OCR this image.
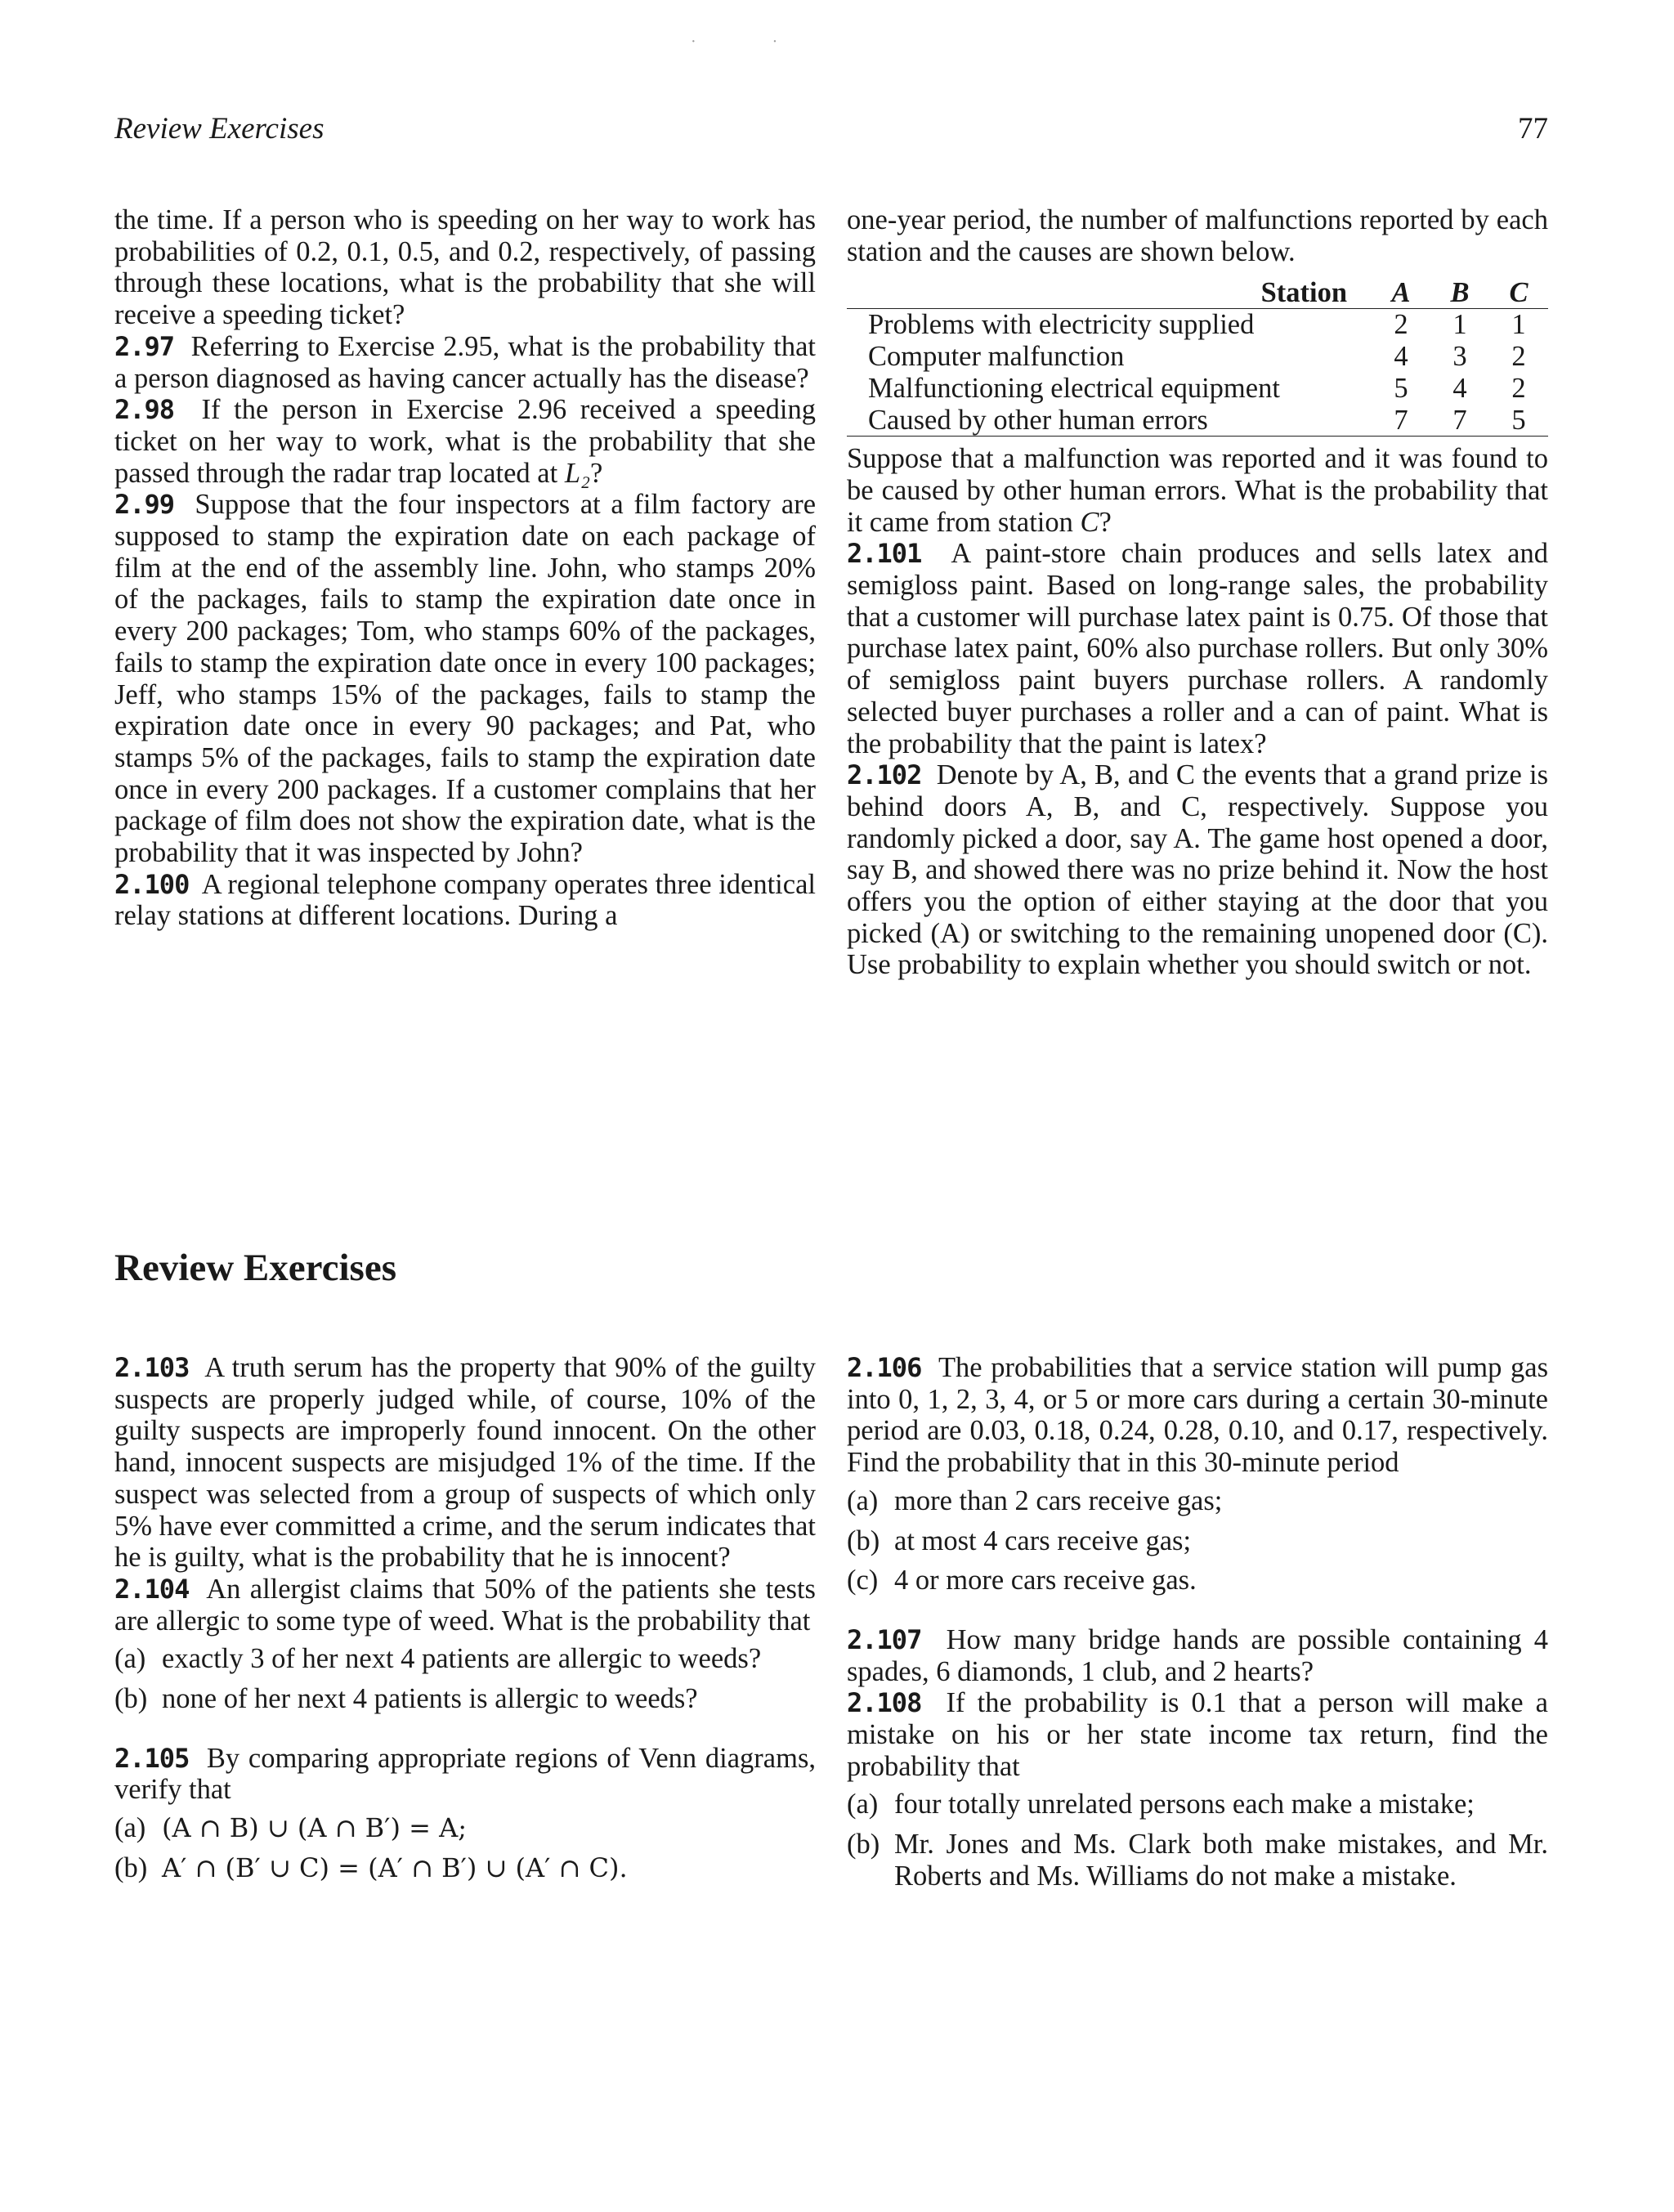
· ·
Review Exercises	77

the time. If a person who is speeding on her way to work has probabilities of 0.2, 0.1, 0.5, and 0.2, respectively, of passing through these locations, what is the probability that she will receive a speeding ticket?

2.97 Referring to Exercise 2.95, what is the probability that a person diagnosed as having cancer actually has the disease?

2.98 If the person in Exercise 2.96 received a speeding ticket on her way to work, what is the probability that she passed through the radar trap located at L₂?

2.99 Suppose that the four inspectors at a film factory are supposed to stamp the expiration date on each package of film at the end of the assembly line. John, who stamps 20% of the packages, fails to stamp the expiration date once in every 200 packages; Tom, who stamps 60% of the packages, fails to stamp the expiration date once in every 100 packages; Jeff, who stamps 15% of the packages, fails to stamp the expiration date once in every 90 packages; and Pat, who stamps 5% of the packages, fails to stamp the expiration date once in every 200 packages. If a customer complains that her package of film does not show the expiration date, what is the probability that it was inspected by John?

2.100 A regional telephone company operates three identical relay stations at different locations. During a

one-year period, the number of malfunctions reported by each station and the causes are shown below.

Station	A	B	C
Problems with electricity supplied	2	1	1
Computer malfunction	4	3	2
Malfunctioning electrical equipment	5	4	2
Caused by other human errors	7	7	5

Suppose that a malfunction was reported and it was found to be caused by other human errors. What is the probability that it came from station C?

2.101 A paint-store chain produces and sells latex and semigloss paint. Based on long-range sales, the probability that a customer will purchase latex paint is 0.75. Of those that purchase latex paint, 60% also purchase rollers. But only 30% of semigloss paint buyers purchase rollers. A randomly selected buyer purchases a roller and a can of paint. What is the probability that the paint is latex?

2.102 Denote by A, B, and C the events that a grand prize is behind doors A, B, and C, respectively. Suppose you randomly picked a door, say A. The game host opened a door, say B, and showed there was no prize behind it. Now the host offers you the option of either staying at the door that you picked (A) or switching to the remaining unopened door (C). Use probability to explain whether you should switch or not.

Review Exercises

2.103 A truth serum has the property that 90% of the guilty suspects are properly judged while, of course, 10% of the guilty suspects are improperly found innocent. On the other hand, innocent suspects are misjudged 1% of the time. If the suspect was selected from a group of suspects of which only 5% have ever committed a crime, and the serum indicates that he is guilty, what is the probability that he is innocent?

2.104 An allergist claims that 50% of the patients she tests are allergic to some type of weed. What is the probability that

(a) exactly 3 of her next 4 patients are allergic to weeds?
(b) none of her next 4 patients is allergic to weeds?

2.105 By comparing appropriate regions of Venn diagrams, verify that

(a) (A ∩ B) ∪ (A ∩ B′) = A;
(b) A′ ∩ (B′ ∪ C) = (A′ ∩ B′) ∪ (A′ ∩ C).

2.106 The probabilities that a service station will pump gas into 0, 1, 2, 3, 4, or 5 or more cars during a certain 30-minute period are 0.03, 0.18, 0.24, 0.28, 0.10, and 0.17, respectively. Find the probability that in this 30-minute period

(a) more than 2 cars receive gas;
(b) at most 4 cars receive gas;
(c) 4 or more cars receive gas.

2.107 How many bridge hands are possible containing 4 spades, 6 diamonds, 1 club, and 2 hearts?

2.108 If the probability is 0.1 that a person will make a mistake on his or her state income tax return, find the probability that

(a) four totally unrelated persons each make a mistake;
(b) Mr. Jones and Ms. Clark both make mistakes, and Mr. Roberts and Ms. Williams do not make a mistake.
